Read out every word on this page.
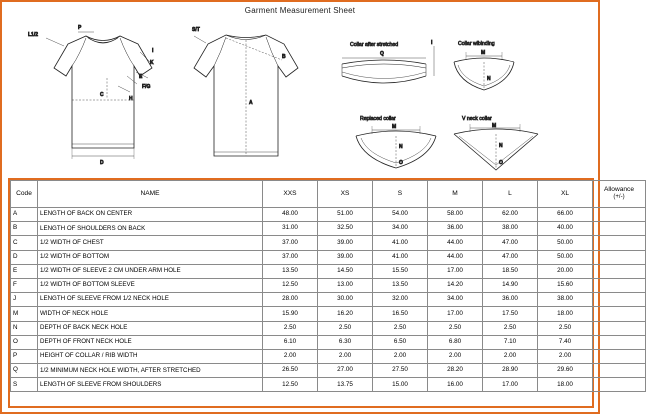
Garment Measurement Sheet
L1/2
P
I
K
E
F/G
H
C
D
S/T
B
A
Collar after stretched
Q
I	Collar wibinding
M
N
Replaced collar
M
N
O
V neck collar
M
N
O
Code	NAME	XXS	XS	S	M	L	XL	Allowance
(+/-)

A	LENGTH OF BACK ON CENTER	48.00	51.00	54.00	58.00	62.00	66.00	
B	LENGTH OF SHOULDERS ON BACK	31.00	32.50	34.00	36.00	38.00	40.00	
C	1/2 WIDTH OF CHEST	37.00	39.00	41.00	44.00	47.00	50.00	
D	1/2 WIDTH OF BOTTOM	37.00	39.00	41.00	44.00	47.00	50.00	
E	1/2 WIDTH OF SLEEVE 2 CM UNDER ARM HOLE	13.50	14.50	15.50	17.00	18.50	20.00	
F	1/2 WIDTH OF BOTTOM SLEEVE	12.50	13.00	13.50	14.20	14.90	15.60	
J	LENGTH OF SLEEVE FROM 1/2 NECK HOLE	28.00	30.00	32.00	34.00	36.00	38.00	
M	WIDTH OF NECK HOLE	15.90	16.20	16.50	17.00	17.50	18.00	
N	DEPTH OF BACK NECK HOLE	2.50	2.50	2.50	2.50	2.50	2.50	
O	DEPTH OF FRONT NECK HOLE	6.10	6.30	6.50	6.80	7.10	7.40	
P	HEIGHT OF COLLAR / RIB WIDTH	2.00	2.00	2.00	2.00	2.00	2.00	
Q	1/2 MINIMUM NECK HOLE WIDTH, AFTER STRETCHED	26.50	27.00	27.50	28.20	28.90	29.60	
S	LENGTH OF SLEEVE FROM SHOULDERS	12.50	13.75	15.00	16.00	17.00	18.00	
